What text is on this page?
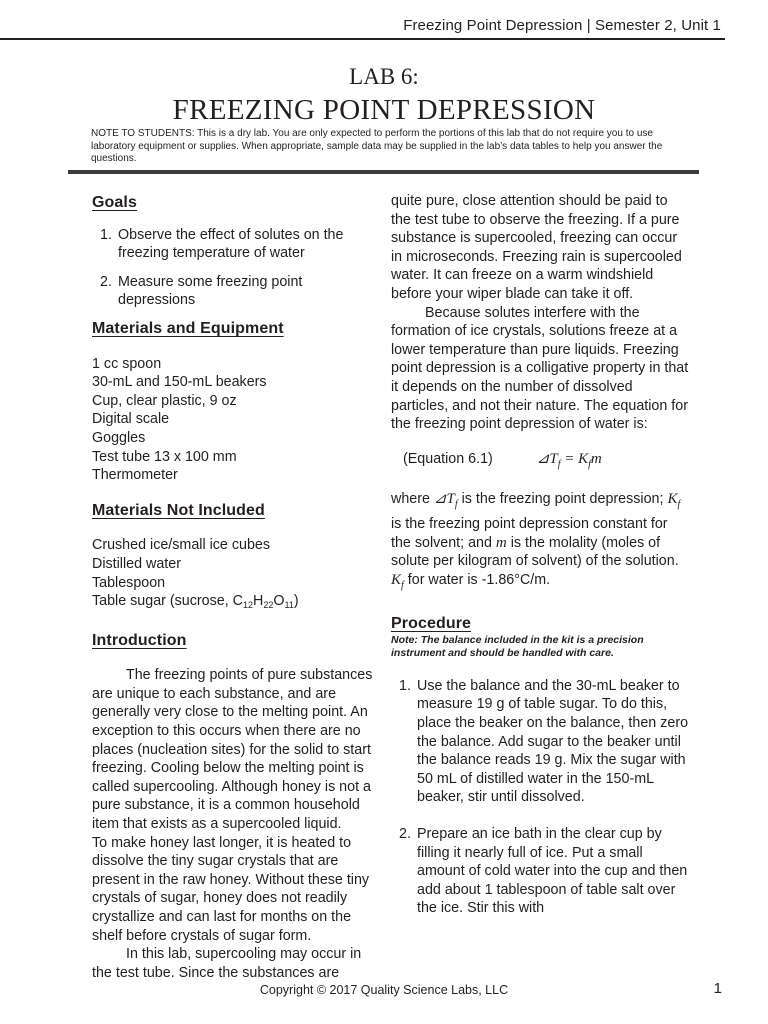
Freezing Point Depression | Semester 2, Unit 1
LAB 6:
FREEZING POINT DEPRESSION
NOTE TO STUDENTS: This is a dry lab. You are only expected to perform the portions of this lab that do not require you to use laboratory equipment or supplies. When appropriate, sample data may be supplied in the lab’s data tables to help you answer the questions.
Goals
1. Observe the effect of solutes on the freezing temperature of water
2. Measure some freezing point depressions
Materials and Equipment
1 cc spoon
30-mL and 150-mL beakers
Cup, clear plastic, 9 oz
Digital scale
Goggles
Test tube 13 x 100 mm
Thermometer
Materials Not Included
Crushed ice/small ice cubes
Distilled water
Tablespoon
Table sugar (sucrose, $C_{12}H_{22}O_{11}$)
Introduction

The freezing points of pure substances are unique to each substance, and are generally very close to the melting point. An exception to this occurs when there are no places (nucleation sites) for the solid to start freezing. Cooling below the melting point is called supercooling. Although honey is not a pure substance, it is a common household item that exists as a supercooled liquid.

To make honey last longer, it is heated to dissolve the tiny sugar crystals that are present in the raw honey. Without these tiny crystals of sugar, honey does not readily crystallize and can last for months on the shelf before crystals of sugar form.

In this lab, supercooling may occur in the test tube. Since the substances are

quite pure, close attention should be paid to the test tube to observe the freezing. If a pure substance is supercooled, freezing can occur in microseconds. Freezing rain is supercooled water. It can freeze on a warm windshield before your wiper blade can take it off.

Because solutes interfere with the formation of ice crystals, solutions freeze at a lower temperature than pure liquids. Freezing point depression is a colligative property in that it depends on the number of dissolved particles, and not their nature. The equation for the freezing point depression of water is:

(Equation 6.1)	$⊿T_f = K_fm$

where $⊿T_f$ is the freezing point depression; $K_f$ is the freezing point depression constant for the solvent; and m is the molality (moles of solute per kilogram of solvent) of the solution. $K_f$ for water is -1.86°C/m.

Procedure

Note: The balance included in the kit is a precision instrument and should be handled with care.

1. Use the balance and the 30-mL beaker to measure 19 g of table sugar. To do this, place the beaker on the balance, then zero the balance. Add sugar to the beaker until the balance reads 19 g. Mix the sugar with 50 mL of distilled water in the 150-mL beaker, stir until dissolved.
2. Prepare an ice bath in the clear cup by filling it nearly full of ice. Put a small amount of cold water into the cup and then add about 1 tablespoon of table salt over the ice. Stir this with
Copyright © 2017 Quality Science Labs, LLC	1
